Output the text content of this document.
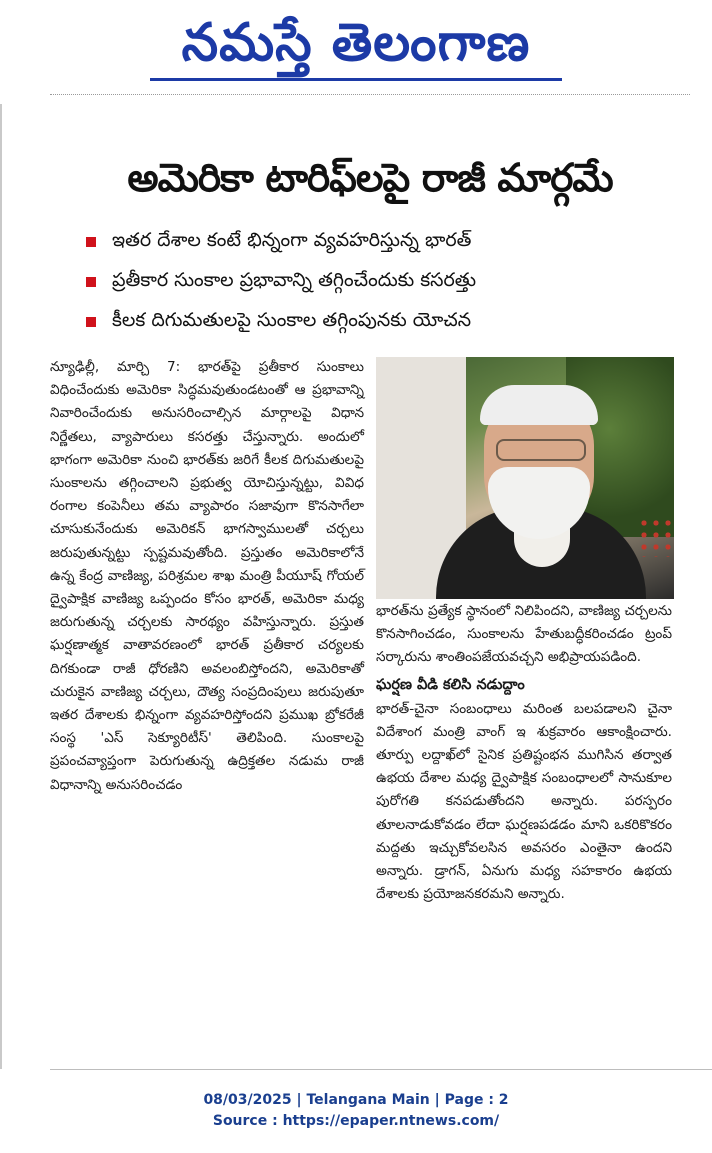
నమస్తే తెలంగాణ
అమెరికా టారిఫ్‌లపై రాజీ మార్గమే
ఇతర దేశాల కంటే భిన్నంగా వ్యవహరిస్తున్న భారత్
ప్రతీకార సుంకాల ప్రభావాన్ని తగ్గించేందుకు కసరత్తు
కీలక దిగుమతులపై సుంకాల తగ్గింపునకు యోచన

న్యూఢిల్లీ, మార్చి 7: భారత్‌పై ప్రతీకార సుంకాలు విధించేందుకు అమెరికా సిద్ధమవుతుండటంతో ఆ ప్రభావాన్ని నివారించేందుకు అనుసరించాల్సిన మార్గాలపై విధాన నిర్ణేతలు, వ్యాపారులు కసరత్తు చేస్తున్నారు. అందులో భాగంగా అమెరికా నుంచి భారత్‌కు జరిగే కీలక దిగుమతులపై సుంకాలను తగ్గించాలని ప్రభుత్వ యోచిస్తున్నట్టు, వివిధ రంగాల కంపెనీలు తమ వ్యాపారం సజావుగా కొనసాగేలా చూసుకునేందుకు అమెరికన్ భాగస్వాములతో చర్చలు జరుపుతున్నట్టు స్పష్టమవుతోంది. ప్రస్తుతం అమెరికాలోనే ఉన్న కేంద్ర వాణిజ్య, పరిశ్రమల శాఖ మంత్రి పీయూష్ గోయల్ ద్వైపాక్షిక వాణిజ్య ఒప్పందం కోసం భారత్, అమెరికా మధ్య జరుగుతున్న చర్చలకు సారథ్యం వహిస్తున్నారు. ప్రస్తుత ఘర్షణాత్మక వాతావరణంలో భారత్ ప్రతీకార చర్యలకు దిగకుండా రాజీ ధోరణిని అవలంబిస్తోందని, అమెరికాతో చురుకైన వాణిజ్య చర్చలు, దౌత్య సంప్రదింపులు జరుపుతూ ఇతర దేశాలకు భిన్నంగా వ్యవహరిస్తోందని ప్రముఖ బ్రోకరేజీ సంస్థ 'ఎస్ సెక్యూరిటీస్' తెలిపింది. సుంకాలపై ప్రపంచవ్యాప్తంగా పెరుగుతున్న ఉద్రిక్తతల నడుమ రాజీ విధానాన్ని అనుసరించడం

భారత్‌ను ప్రత్యేక స్థానంలో నిలిపిందని, వాణిజ్య చర్చలను కొనసాగించడం, సుంకాలను హేతుబద్ధీకరించడం ట్రంప్ సర్కారును శాంతింపజేయవచ్చని అభిప్రాయపడింది.

ఘర్షణ వీడి కలిసి నడుద్దాం

భారత్-చైనా సంబంధాలు మరింత బలపడాలని చైనా విదేశాంగ మంత్రి వాంగ్ ఇ శుక్రవారం ఆకాంక్షించారు. తూర్పు లద్దాఖ్‌లో సైనిక ప్రతిష్టంభన ముగిసిన తర్వాత ఉభయ దేశాల మధ్య ద్వైపాక్షిక సంబంధాలలో సానుకూల పురోగతి కనపడుతోందని అన్నారు. పరస్పరం తూలనాడుకోవడం లేదా ఘర్షణపడడం మాని ఒకరికొకరం మద్దతు ఇచ్చుకోవలసిన అవసరం ఎంతైనా ఉందని అన్నారు. డ్రాగన్, ఏనుగు మధ్య సహకారం ఉభయ దేశాలకు ప్రయోజనకరమని అన్నారు.

08/03/2025 | Telangana Main | Page : 2
Source : https://epaper.ntnews.com/
